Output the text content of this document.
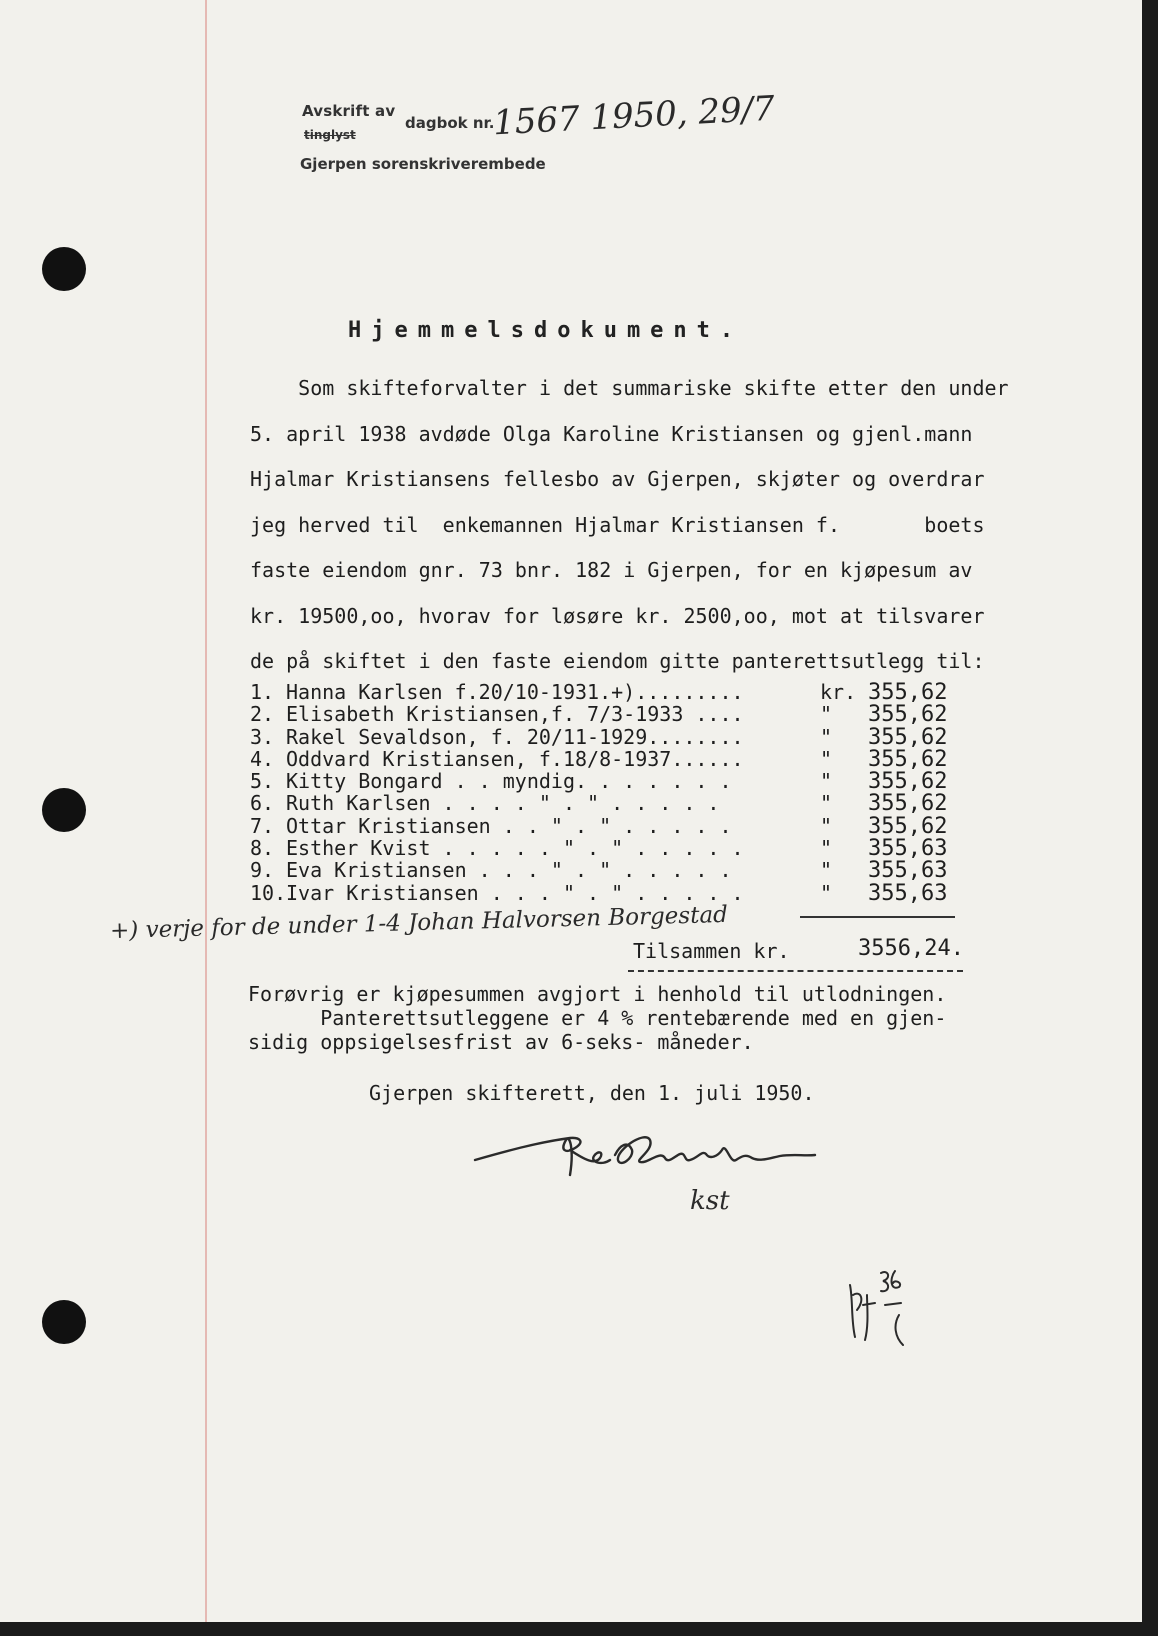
Avskrift av
tinglyst
dagbok nr.
1567 1950, 29/7
Gjerpen sorenskriverembede
Hjemmelsdokument.
Som skifteforvalter i det summariske skifte etter den under
5. april 1938 avdøde Olga Karoline Kristiansen og gjenl.mann
Hjalmar Kristiansens fellesbo av Gjerpen, skjøter og overdrar
jeg herved til  enkemannen Hjalmar Kristiansen f.       boets
faste eiendom gnr. 73 bnr. 182 i Gjerpen, for en kjøpesum av
kr. 19500,oo, hvorav for løsøre kr. 2500,oo, mot at tilsvarer
de på skiftet i den faste eiendom gitte panterettsutlegg til:
1. Hanna Karlsen f.20/10-1931.+).........	kr. 355,62
2. Elisabeth Kristiansen,f. 7/3-1933 ....	" 355,62
3. Rakel Sevaldson, f. 20/11-1929........	" 355,62
4. Oddvard Kristiansen, f.18/8-1937......	" 355,62
5. Kitty Bongard . . myndig. . . . . . .	" 355,62
6. Ruth Karlsen . . . . " . " . . . . .	" 355,62
7. Ottar Kristiansen . . " . " . . . . .	" 355,62
8. Esther Kvist . . . . . " . " . . . . .	" 355,63
9. Eva Kristiansen . . . " . " . . . . .	" 355,63
10. Ivar Kristiansen . . . " . " . . . . .	" 355,63
+) verje for de under 1-4 Johan Halvorsen Borgestad
Tilsammen kr.	3556,24.
Forøvrig er kjøpesummen avgjort i henhold til utlodningen.
Panterettsutleggene er 4 % rentebærende med en gjen-
sidig oppsigelsesfrist av 6-seks- måneder.
Gjerpen skifterett, den 1. juli 1950.
kst
